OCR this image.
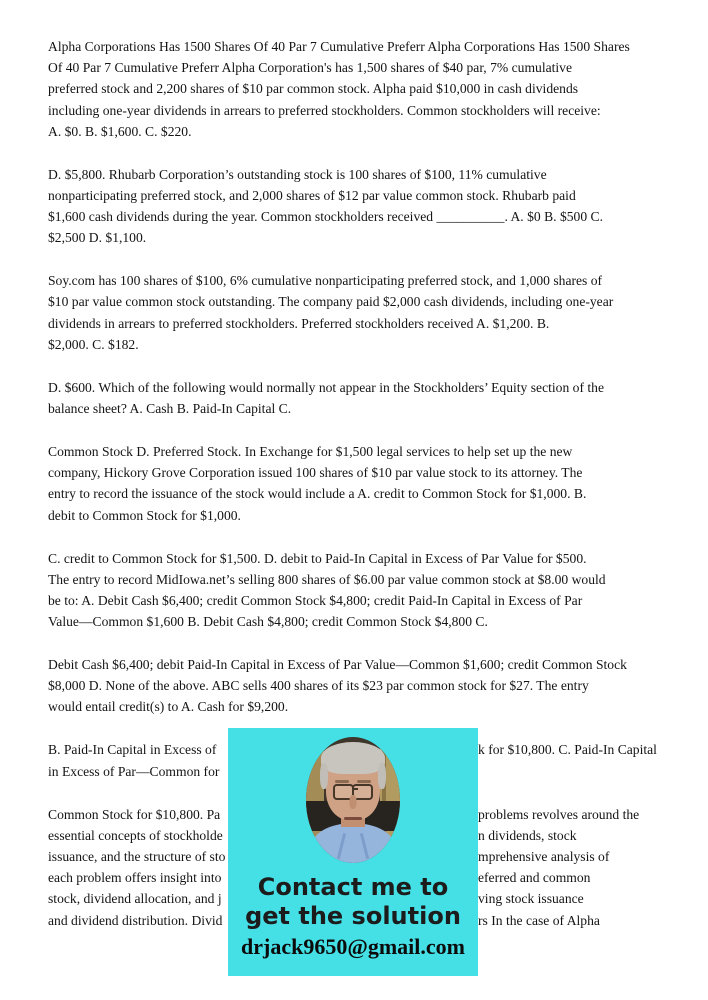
Alpha Corporations Has 1500 Shares Of 40 Par 7 Cumulative Preferr Alpha Corporations Has 1500 Shares
Of 40 Par 7 Cumulative Preferr Alpha Corporation's has 1,500 shares of $40 par, 7% cumulative
preferred stock and 2,200 shares of $10 par common stock. Alpha paid $10,000 in cash dividends
including one-year dividends in arrears to preferred stockholders. Common stockholders will receive:
A. $0. B. $1,600. C. $220.
D. $5,800. Rhubarb Corporation’s outstanding stock is 100 shares of $100, 11% cumulative
nonparticipating preferred stock, and 2,000 shares of $12 par value common stock. Rhubarb paid
$1,600 cash dividends during the year. Common stockholders received __________. A. $0 B. $500 C.
$2,500 D. $1,100.
Soy.com has 100 shares of $100, 6% cumulative nonparticipating preferred stock, and 1,000 shares of
$10 par value common stock outstanding. The company paid $2,000 cash dividends, including one-year
dividends in arrears to preferred stockholders. Preferred stockholders received A. $1,200. B.
$2,000. C. $182.
D. $600. Which of the following would normally not appear in the Stockholders’ Equity section of the
balance sheet? A. Cash B. Paid-In Capital C.
Common Stock D. Preferred Stock. In Exchange for $1,500 legal services to help set up the new
company, Hickory Grove Corporation issued 100 shares of $10 par value stock to its attorney. The
entry to record the issuance of the stock would include a A. credit to Common Stock for $1,000. B.
debit to Common Stock for $1,000.
C. credit to Common Stock for $1,500. D. debit to Paid-In Capital in Excess of Par Value for $500.
The entry to record MidIowa.net’s selling 800 shares of $6.00 par value common stock at $8.00 would
be to: A. Debit Cash $6,400; credit Common Stock $4,800; credit Paid-In Capital in Excess of Par
Value—Common $1,600 B. Debit Cash $4,800; credit Common Stock $4,800 C.
Debit Cash $6,400; debit Paid-In Capital in Excess of Par Value—Common $1,600; credit Common Stock
$8,000 D. None of the above. ABC sells 400 shares of its $23 par common stock for $27. The entry
would entail credit(s) to A. Cash for $9,200.
B. Paid-In Capital in Excess of	k for $10,800. C. Paid-In Capital
in Excess of Par—Common for
Common Stock for $10,800. Pa	problems revolves around the
essential concepts of stockholde	n dividends, stock
issuance, and the structure of sto	mprehensive analysis of
each problem offers insight into	eferred and common
stock, dividend allocation, and j	ving stock issuance
and dividend distribution. Divid	rs In the case of Alpha
Contact me to
get the solution
drjack9650@gmail.com
